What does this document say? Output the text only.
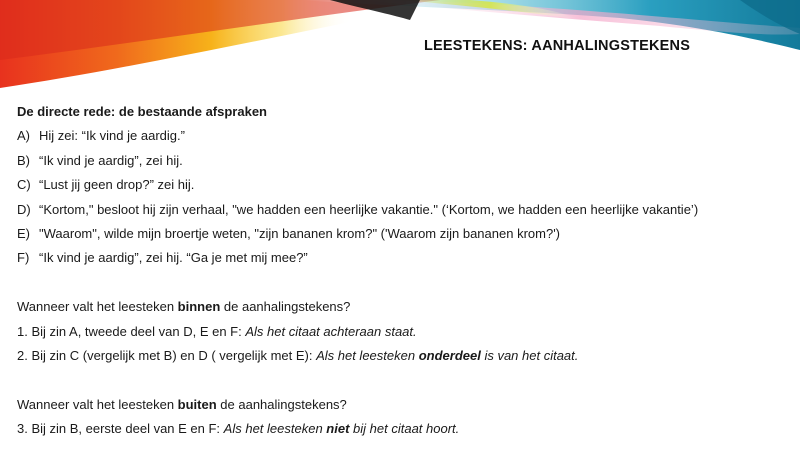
LEESTEKENS: AANHALINGSTEKENS
De directe rede: de bestaande afspraken
A) Hij zei: “Ik vind je aardig.”
B) “Ik vind je aardig”, zei hij.
C) “Lust jij geen drop?” zei hij.
D) “Kortom," besloot hij zijn verhaal, "we hadden een heerlijke vakantie." (‘Kortom, we hadden een heerlijke vakantie’)
E) "Waarom", wilde mijn broertje weten, "zijn bananen krom?" ('Waarom zijn bananen krom?')
F) “Ik vind je aardig”, zei hij. “Ga je met mij mee?”
Wanneer valt het leesteken binnen de aanhalingstekens?
1. Bij zin A, tweede deel van D, E en F: Als het citaat achteraan staat.
2. Bij zin C (vergelijk met B) en D ( vergelijk met E): Als het leesteken onderdeel is van het citaat.
Wanneer valt het leesteken buiten de aanhalingstekens?
3. Bij zin B, eerste deel van E en F: Als het leesteken niet bij het citaat hoort.
